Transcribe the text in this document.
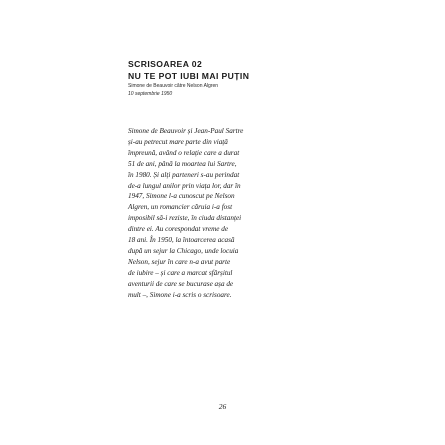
SCRISOAREA 02
NU TE POT IUBI MAI PUȚIN
Simone de Beauvoir către Nelson Algren
10 septembrie 1950
Simone de Beauvoir și Jean-Paul Sartre
și-au petrecut mare parte din viață
împreună, având o relație care a durat
51 de ani, până la moartea lui Sartre,
în 1980. Și alți parteneri s-au perindat
de-a lungul anilor prin viața lor, dar în
1947, Simone l-a cunoscut pe Nelson
Algren, un romancier căruia i-a fost
imposibil să-i reziste, în ciuda distanței
dintre ei. Au corespondat vreme de
18 ani. În 1950, la întoarcerea acasă
după un sejur la Chicago, unde locuia
Nelson, sejur în care n-a avut parte
de iubire – și care a marcat sfârșitul
aventurii de care se bucurase așa de
mult –, Simone i-a scris o scrisoare.
26
